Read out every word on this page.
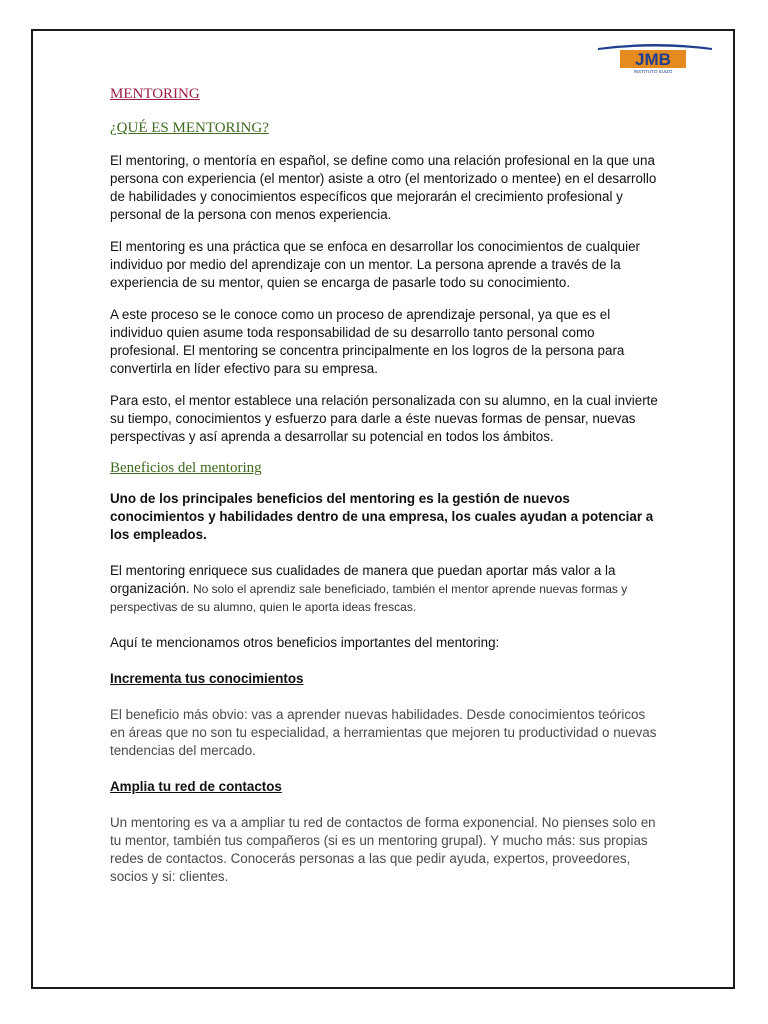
JMB
INSTITUTO SUIZO
MENTORING
¿QUÉ ES MENTORING?

El mentoring, o mentoría en español, se define como una relación profesional en la que una persona con experiencia (el mentor) asiste a otro (el mentorizado o mentee) en el desarrollo de habilidades y conocimientos específicos que mejorarán el crecimiento profesional y personal de la persona con menos experiencia.

El mentoring es una práctica que se enfoca en desarrollar los conocimientos de cualquier individuo por medio del aprendizaje con un mentor. La persona aprende a través de la experiencia de su mentor, quien se encarga de pasarle todo su conocimiento.

A este proceso se le conoce como un proceso de aprendizaje personal, ya que es el individuo quien asume toda responsabilidad de su desarrollo tanto personal como profesional. El mentoring se concentra principalmente en los logros de la persona para convertirla en líder efectivo para su empresa.

Para esto, el mentor establece una relación personalizada con su alumno, en la cual invierte su tiempo, conocimientos y esfuerzo para darle a éste nuevas formas de pensar, nuevas perspectivas y así aprenda a desarrollar su potencial en todos los ámbitos.

Beneficios del mentoring

Uno de los principales beneficios del mentoring es la gestión de nuevos conocimientos y habilidades dentro de una empresa, los cuales ayudan a potenciar a los empleados.

El mentoring enriquece sus cualidades de manera que puedan aportar más valor a la organización. No solo el aprendiz sale beneficiado, también el mentor aprende nuevas formas y perspectivas de su alumno, quien le aporta ideas frescas.

Aquí te mencionamos otros beneficios importantes del mentoring:

Incrementa tus conocimientos

El beneficio más obvio: vas a aprender nuevas habilidades. Desde conocimientos teóricos en áreas que no son tu especialidad, a herramientas que mejoren tu productividad o nuevas tendencias del mercado.

Amplia tu red de contactos

Un mentoring es va a ampliar tu red de contactos de forma exponencial. No pienses solo en tu mentor, también tus compañeros (si es un mentoring grupal). Y mucho más: sus propias redes de contactos. Conocerás personas a las que pedir ayuda, expertos, proveedores, socios y si: clientes.
